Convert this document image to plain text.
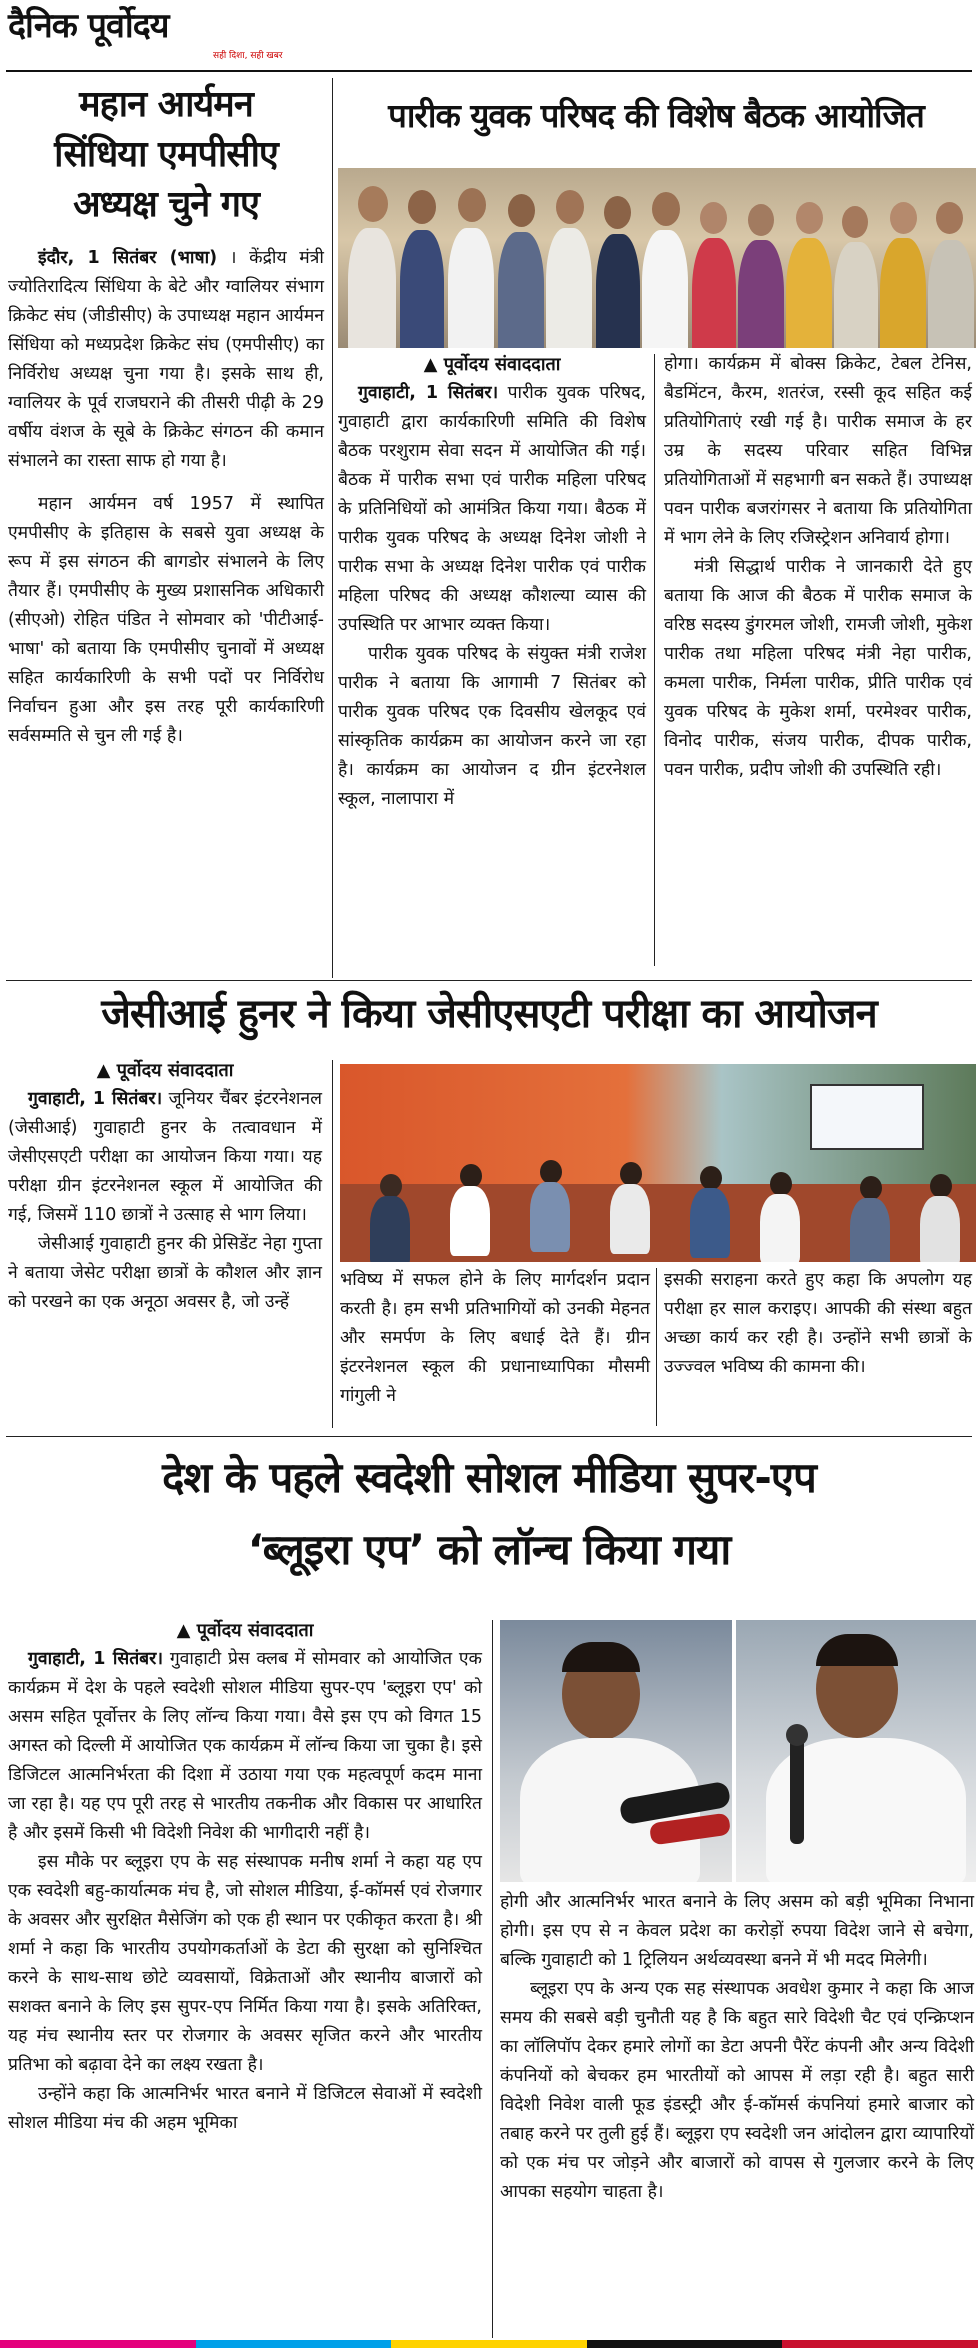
दैनिक पूर्वोदय
सही दिशा, सही खबर
महान आर्यमन
सिंधिया एमपीसीए
अध्यक्ष चुने गए

इंदौर, 1 सितंबर (भाषा) । केंद्रीय मंत्री ज्योतिरादित्य सिंधिया के बेटे और ग्वालियर संभाग क्रिकेट संघ (जीडीसीए) के उपाध्यक्ष महान आर्यमन सिंधिया को मध्यप्रदेश क्रिकेट संघ (एमपीसीए) का निर्विरोध अध्यक्ष चुना गया है। इसके साथ ही, ग्वालियर के पूर्व राजघराने की तीसरी पीढ़ी के 29 वर्षीय वंशज के सूबे के क्रिकेट संगठन की कमान संभालने का रास्ता साफ हो गया है।

महान आर्यमन वर्ष 1957 में स्थापित एमपीसीए के इतिहास के सबसे युवा अध्यक्ष के रूप में इस संगठन की बागडोर संभालने के लिए तैयार हैं। एमपीसीए के मुख्य प्रशासनिक अधिकारी (सीएओ) रोहित पंडित ने सोमवार को 'पीटीआई-भाषा' को बताया कि एमपीसीए चुनावों में अध्यक्ष सहित कार्यकारिणी के सभी पदों पर निर्विरोध निर्वाचन हुआ और इस तरह पूरी कार्यकारिणी सर्वसम्मति से चुन ली गई है।

पारीक युवक परिषद की विशेष बैठक आयोजित
▲ पूर्वोदय संवाददाता

गुवाहाटी, 1 सितंबर। पारीक युवक परिषद, गुवाहाटी द्वारा कार्यकारिणी समिति की विशेष बैठक परशुराम सेवा सदन में आयोजित की गई। बैठक में पारीक सभा एवं पारीक महिला परिषद के प्रतिनिधियों को आमंत्रित किया गया। बैठक में पारीक युवक परिषद के अध्यक्ष दिनेश जोशी ने पारीक सभा के अध्यक्ष दिनेश पारीक एवं पारीक महिला परिषद की अध्यक्ष कौशल्या व्यास की उपस्थिति पर आभार व्यक्त किया।

पारीक युवक परिषद के संयुक्त मंत्री राजेश पारीक ने बताया कि आगामी 7 सितंबर को पारीक युवक परिषद एक दिवसीय खेलकूद एवं सांस्कृतिक कार्यक्रम का आयोजन करने जा रहा है। कार्यक्रम का आयोजन द ग्रीन इंटरनेशल स्कूल, नालापारा में

होगा। कार्यक्रम में बोक्स क्रिकेट, टेबल टेनिस, बैडमिंटन, कैरम, शतरंज, रस्सी कूद सहित कई प्रतियोगिताएं रखी गई है। पारीक समाज के हर उम्र के सदस्य परिवार सहित विभिन्न प्रतियोगिताओं में सहभागी बन सकते हैं। उपाध्यक्ष पवन पारीक बजरांगसर ने बताया कि प्रतियोगिता में भाग लेने के लिए रजिस्ट्रेशन अनिवार्य होगा।

मंत्री सिद्धार्थ पारीक ने जानकारी देते हुए बताया कि आज की बैठक में पारीक समाज के वरिष्ठ सदस्य डुंगरमल जोशी, रामजी जोशी, मुकेश पारीक तथा महिला परिषद मंत्री नेहा पारीक, कमला पारीक, निर्मला पारीक, प्रीति पारीक एवं युवक परिषद के मुकेश शर्मा, परमेश्वर पारीक, विनोद पारीक, संजय पारीक, दीपक पारीक, पवन पारीक, प्रदीप जोशी की उपस्थिति रही।

जेसीआई हुनर ने किया जेसीएसएटी परीक्षा का आयोजन
▲ पूर्वोदय संवाददाता

गुवाहाटी, 1 सितंबर। जूनियर चैंबर इंटरनेशनल (जेसीआई) गुवाहाटी हुनर के तत्वावधान में जेसीएसएटी परीक्षा का आयोजन किया गया। यह परीक्षा ग्रीन इंटरनेशनल स्कूल में आयोजित की गई, जिसमें 110 छात्रों ने उत्साह से भाग लिया।

जेसीआई गुवाहाटी हुनर की प्रेसिडेंट नेहा गुप्ता ने बताया जेसेट परीक्षा छात्रों के कौशल और ज्ञान को परखने का एक अनूठा अवसर है, जो उन्हें

भविष्य में सफल होने के लिए मार्गदर्शन प्रदान करती है। हम सभी प्रतिभागियों को उनकी मेहनत और समर्पण के लिए बधाई देते हैं। ग्रीन इंटरनेशनल स्कूल की प्रधानाध्यापिका मौसमी गांगुली ने

इसकी सराहना करते हुए कहा कि अपलोग यह परीक्षा हर साल कराइए। आपकी की संस्था बहुत अच्छा कार्य कर रही है। उन्होंने सभी छात्रों के उज्ज्वल भविष्य की कामना की।

देश के पहले स्वदेशी सोशल मीडिया सुपर-एप
‘ब्लूइरा एप’ को लॉन्च किया गया
▲ पूर्वोदय संवाददाता

गुवाहाटी, 1 सितंबर। गुवाहाटी प्रेस क्लब में सोमवार को आयोजित एक कार्यक्रम में देश के पहले स्वदेशी सोशल मीडिया सुपर-एप 'ब्लूइरा एप' को असम सहित पूर्वोत्तर के लिए लॉन्च किया गया। वैसे इस एप को विगत 15 अगस्त को दिल्ली में आयोजित एक कार्यक्रम में लॉन्च किया जा चुका है। इसे डिजिटल आत्मनिर्भरता की दिशा में उठाया गया एक महत्वपूर्ण कदम माना जा रहा है। यह एप पूरी तरह से भारतीय तकनीक और विकास पर आधारित है और इसमें किसी भी विदेशी निवेश की भागीदारी नहीं है।

इस मौके पर ब्लूइरा एप के सह संस्थापक मनीष शर्मा ने कहा यह एप एक स्वदेशी बहु-कार्यात्मक मंच है, जो सोशल मीडिया, ई-कॉमर्स एवं रोजगार के अवसर और सुरक्षित मैसेजिंग को एक ही स्थान पर एकीकृत करता है। श्री शर्मा ने कहा कि भारतीय उपयोगकर्ताओं के डेटा की सुरक्षा को सुनिश्चित करने के साथ-साथ छोटे व्यवसायों, विक्रेताओं और स्थानीय बाजारों को सशक्त बनाने के लिए इस सुपर-एप निर्मित किया गया है। इसके अतिरिक्त, यह मंच स्थानीय स्तर पर रोजगार के अवसर सृजित करने और भारतीय प्रतिभा को बढ़ावा देने का लक्ष्य रखता है।

उन्होंने कहा कि आत्मनिर्भर भारत बनाने में डिजिटल सेवाओं में स्वदेशी सोशल मीडिया मंच की अहम भूमिका

होगी और आत्मनिर्भर भारत बनाने के लिए असम को बड़ी भूमिका निभाना होगी। इस एप से न केवल प्रदेश का करोड़ों रुपया विदेश जाने से बचेगा, बल्कि गुवाहाटी को 1 ट्रिलियन अर्थव्यवस्था बनने में भी मदद मिलेगी।

ब्लूइरा एप के अन्य एक सह संस्थापक अवधेश कुमार ने कहा कि आज समय की सबसे बड़ी चुनौती यह है कि बहुत सारे विदेशी चैट एवं एन्क्रिप्शन का लॉलिपॉप देकर हमारे लोगों का डेटा अपनी पैरेंट कंपनी और अन्य विदेशी कंपनियों को बेचकर हम भारतीयों को आपस में लड़ा रही है। बहुत सारी विदेशी निवेश वाली फूड इंडस्ट्री और ई-कॉमर्स कंपनियां हमारे बाजार को तबाह करने पर तुली हुई हैं। ब्लूइरा एप स्वदेशी जन आंदोलन द्वारा व्यापारियों को एक मंच पर जोड़ने और बाजारों को वापस से गुलजार करने के लिए आपका सहयोग चाहता है।
